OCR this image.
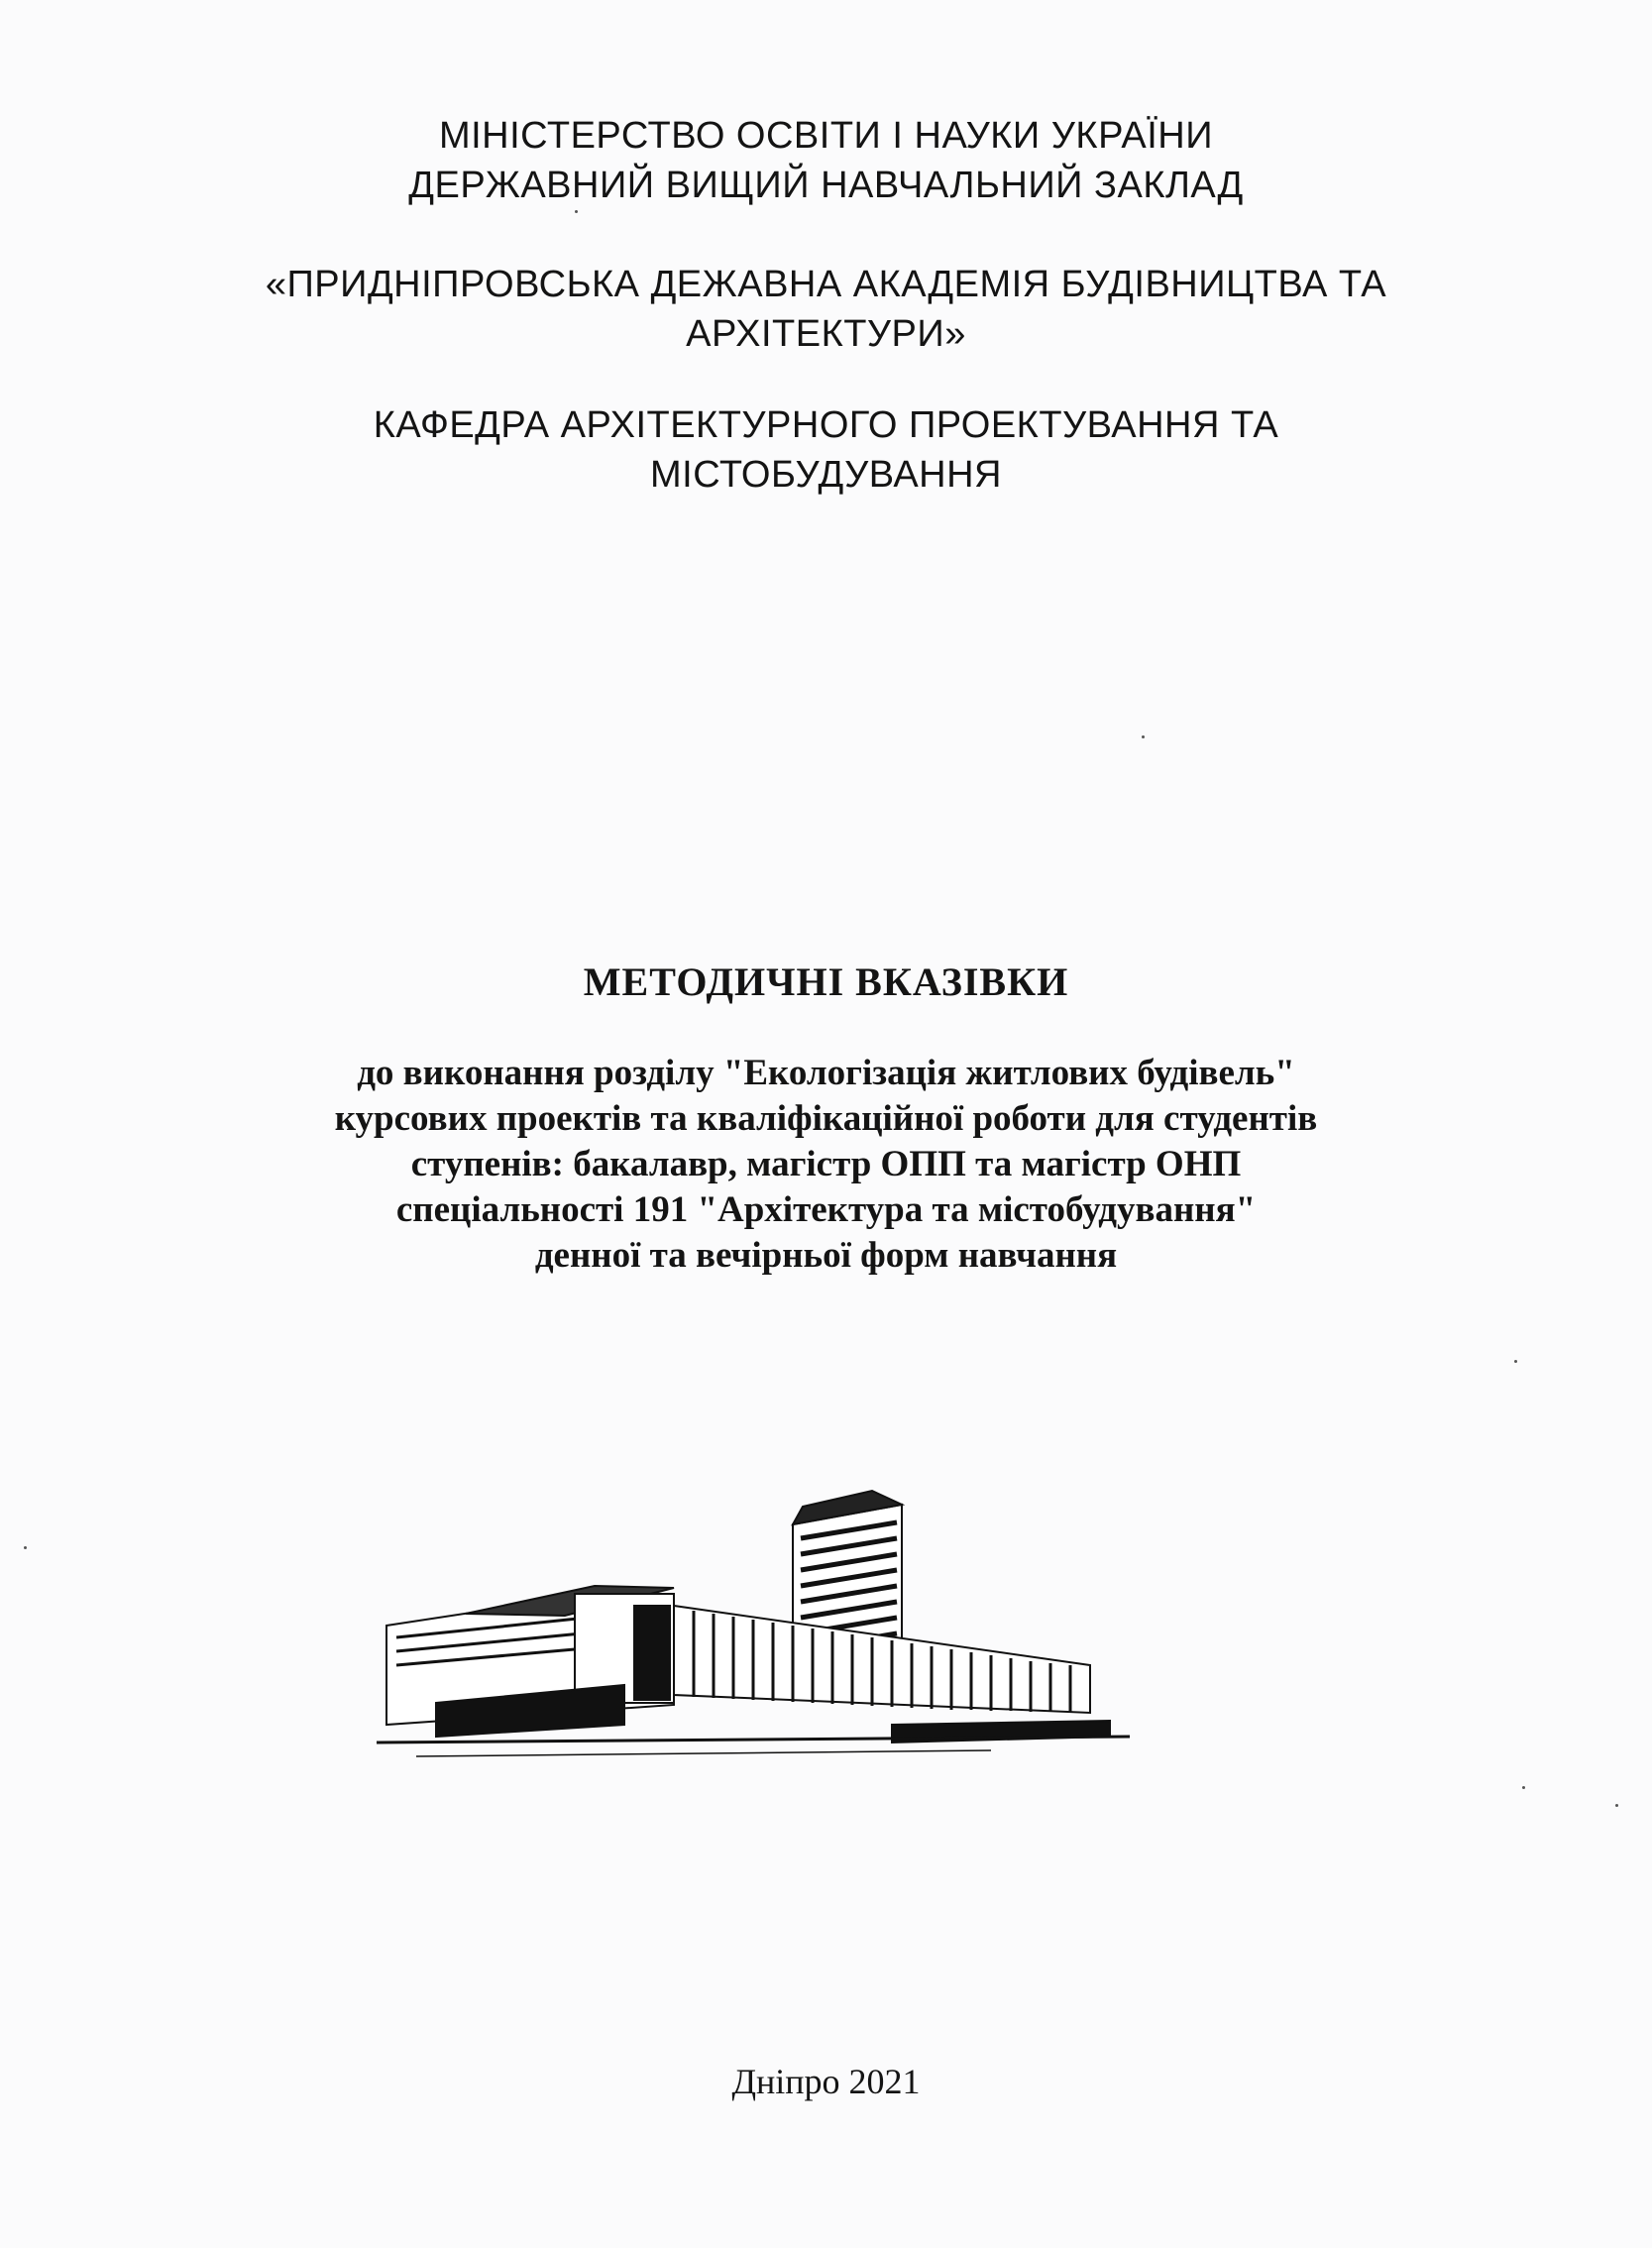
МІНІСТЕРСТВО ОСВІТИ І НАУКИ УКРАЇНИ
ДЕРЖАВНИЙ ВИЩИЙ НАВЧАЛЬНИЙ ЗАКЛАД
«ПРИДНІПРОВСЬКА ДЕЖАВНА АКАДЕМІЯ БУДІВНИЦТВА ТА
АРХІТЕКТУРИ»
КАФЕДРА АРХІТЕКТУРНОГО ПРОЕКТУВАННЯ ТА
МІСТОБУДУВАННЯ
МЕТОДИЧНІ ВКАЗІВКИ
до виконання розділу "Екологізація житлових будівель"
курсових проектів та кваліфікаційної роботи для студентів
ступенів: бакалавр, магістр ОПП та магістр ОНП
спеціальності 191 "Архітектура та містобудування"
денної та вечірньої форм навчання
Дніпро 2021
